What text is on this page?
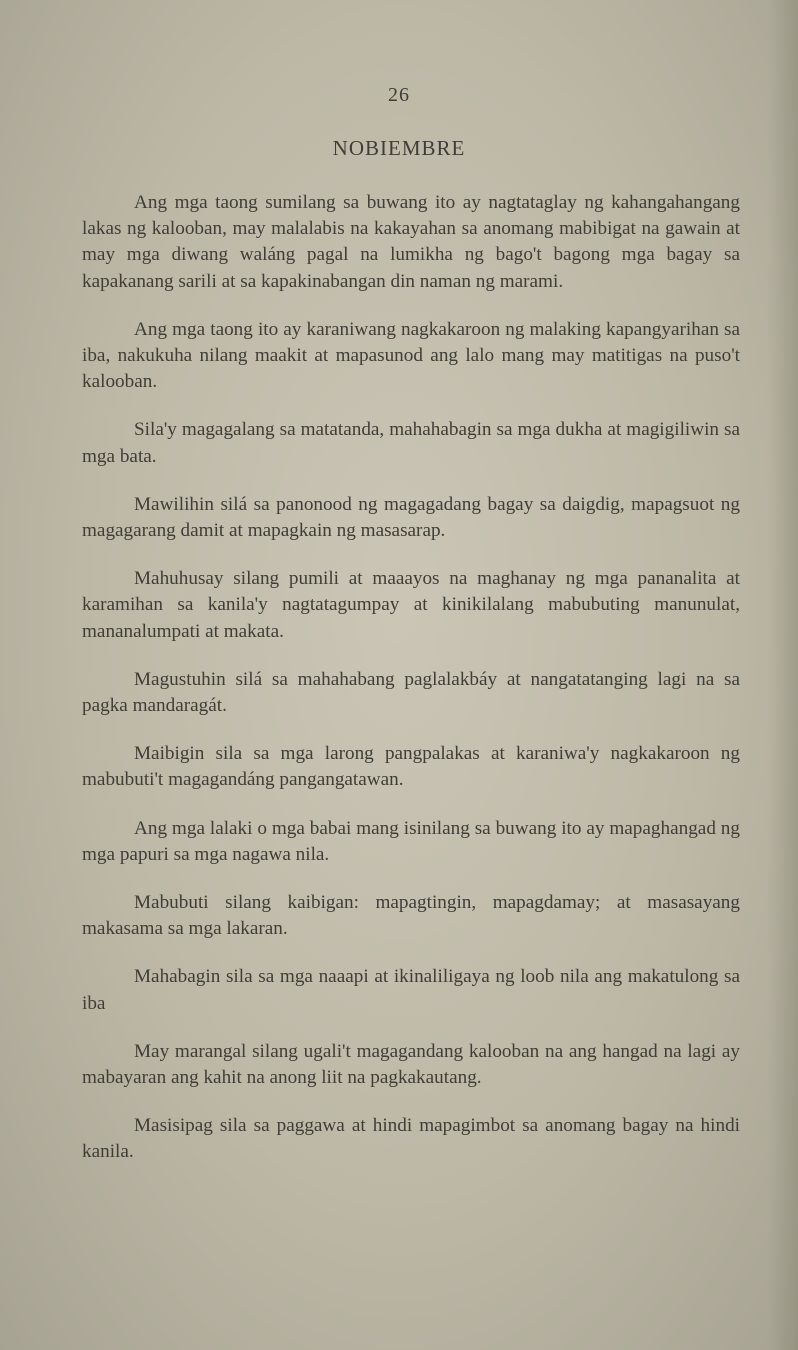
26
NOBIEMBRE

Ang mga taong sumilang sa buwang ito ay nagtataglay ng kahangahangang lakas ng kalooban, may malalabis na kakayahan sa anomang mabibigat na gawain at may mga diwang waláng pagal na lumikha ng bago't bagong mga bagay sa kapakanang sarili at sa kapakinabangan din naman ng marami.

Ang mga taong ito ay karaniwang nagkakaroon ng malaking kapangyarihan sa iba, nakukuha nilang maakit at mapasunod ang lalo mang may matitigas na puso't kalooban.

Sila'y magagalang sa matatanda, mahahabagin sa mga dukha at magigiliwin sa mga bata.

Mawilihin silá sa panonood ng magagadang bagay sa daigdig, mapagsuot ng magagarang damit at mapagkain ng masasarap.

Mahuhusay silang pumili at maaayos na maghanay ng mga pananalita at karamihan sa kanila'y nagtatagumpay at kinikilalang mabubuting manunulat, mananalumpati at makata.

Magustuhin silá sa mahahabang paglalakbáy at nangatatanging lagi na sa pagka mandaragát.

Maibigin sila sa mga larong pangpalakas at karaniwa'y nagkakaroon ng mabubuti't magagandáng pangangatawan.

Ang mga lalaki o mga babai mang isinilang sa buwang ito ay mapaghangad ng mga papuri sa mga nagawa nila.

Mabubuti silang kaibigan: mapagtingin, mapagdamay; at masasayang makasama sa mga lakaran.

Mahabagin sila sa mga naaapi at ikinaliligaya ng loob nila ang makatulong sa iba

May marangal silang ugali't magagandang kalooban na ang hangad na lagi ay mabayaran ang kahit na anong liit na pagkakautang.

Masisipag sila sa paggawa at hindi mapagimbot sa anomang bagay na hindi kanila.
